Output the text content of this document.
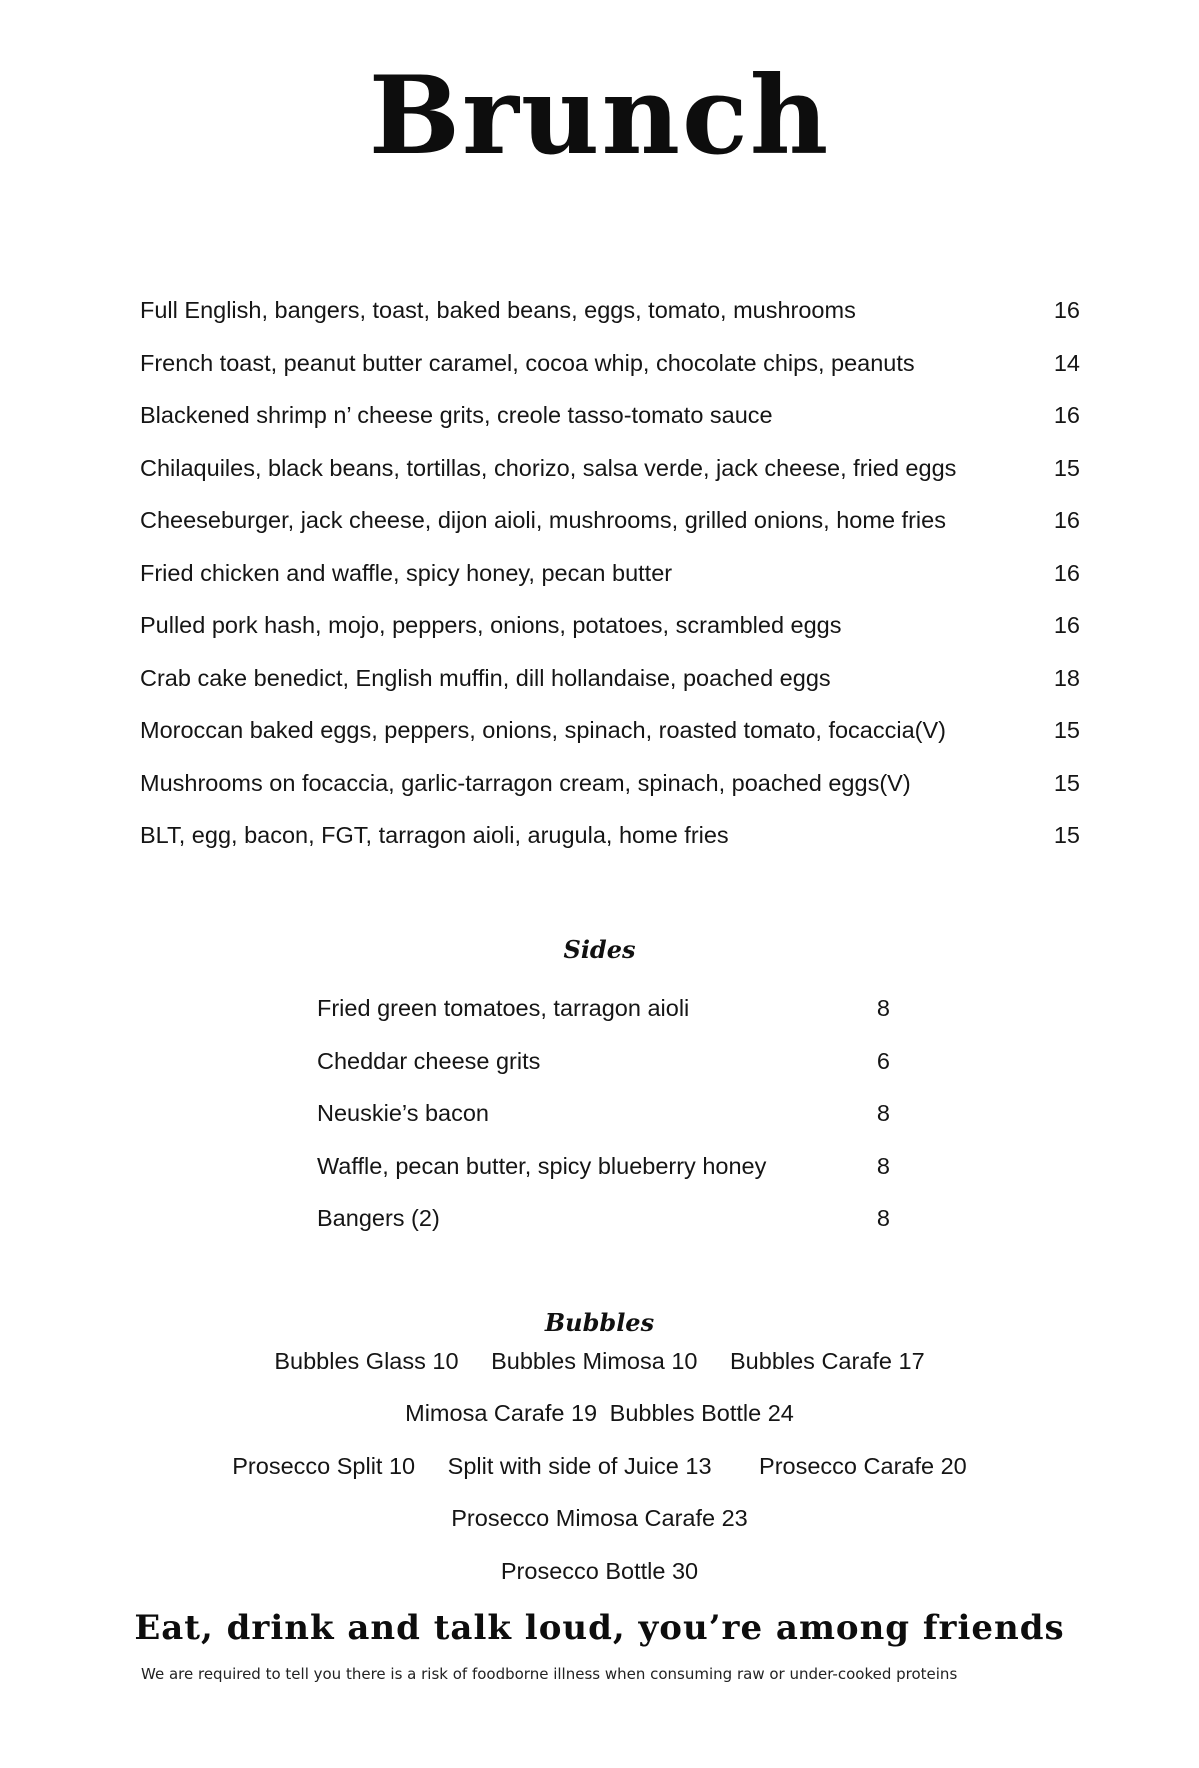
Brunch
Full English, bangers, toast, baked beans, eggs, tomato, mushrooms	16
French toast, peanut butter caramel, cocoa whip, chocolate chips, peanuts	14
Blackened shrimp n’ cheese grits, creole tasso-tomato sauce	16
Chilaquiles, black beans, tortillas, chorizo, salsa verde, jack cheese, fried eggs	15
Cheeseburger, jack cheese, dijon aioli, mushrooms, grilled onions, home fries	16
Fried chicken and waffle, spicy honey, pecan butter	16
Pulled pork hash, mojo, peppers, onions, potatoes, scrambled eggs	16
Crab cake benedict, English muffin, dill hollandaise, poached eggs	18
Moroccan baked eggs, peppers, onions, spinach, roasted tomato, focaccia(V)	15
Mushrooms on focaccia, garlic-tarragon cream, spinach, poached eggs(V)	15
BLT, egg, bacon, FGT, tarragon aioli, arugula, home fries	15
Sides
Fried green tomatoes, tarragon aioli	8
Cheddar cheese grits	6
Neuskie’s bacon	8
Waffle, pecan butter, spicy blueberry honey	8
Bangers (2)	8
Bubbles
Bubbles Glass 10 Bubbles Mimosa 10 Bubbles Carafe 17
Mimosa Carafe 19 Bubbles Bottle 24
Prosecco Split 10 Split with side of Juice 13 Prosecco Carafe 20
Prosecco Mimosa Carafe 23
Prosecco Bottle 30
Eat, drink and talk loud, you’re among friends
We are required to tell you there is a risk of foodborne illness when consuming raw or under-cooked proteins
